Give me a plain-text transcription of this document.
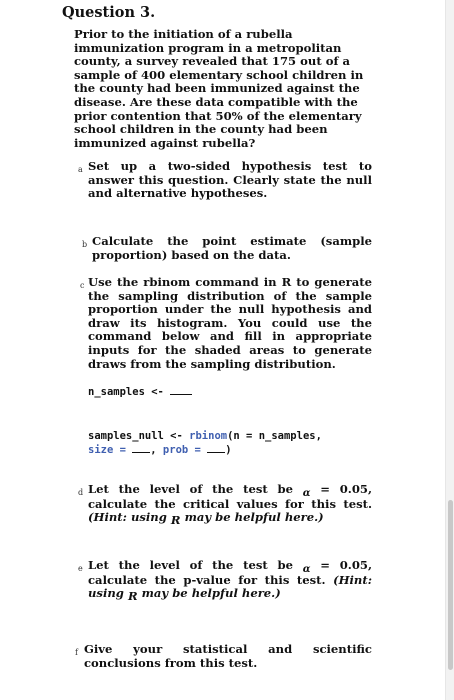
Question 3.
Prior to the initiation of a rubella immunization program in a metropolitan county, a survey revealed that 175 out of a sample of 400 elementary school children in the county had been immunized against the disease. Are these data compatible with the prior contention that 50% of the elementary school children in the county had been immunized against rubella?
a Set up a two-sided hypothesis test to answer this question. Clearly state the null and alternative hypotheses.
b Calculate the point estimate (sample proportion) based on the data.
c Use the rbinom command in R to generate the sampling distribution of the sample proportion under the null hypothesis and draw its histogram. You could use the command below and fill in appropriate inputs for the shaded areas to generate draws from the sampling distribution.
n_samples <-
samples_null <- rbinom(n = n_samples,
size = , prob = )
d Let the level of the test be α = 0.05, calculate the critical values for this test. (Hint: using R may be helpful here.)
e Let the level of the test be α = 0.05, calculate the p-value for this test. (Hint: using R may be helpful here.)
f Give your statistical and scientific conclusions from this test.
